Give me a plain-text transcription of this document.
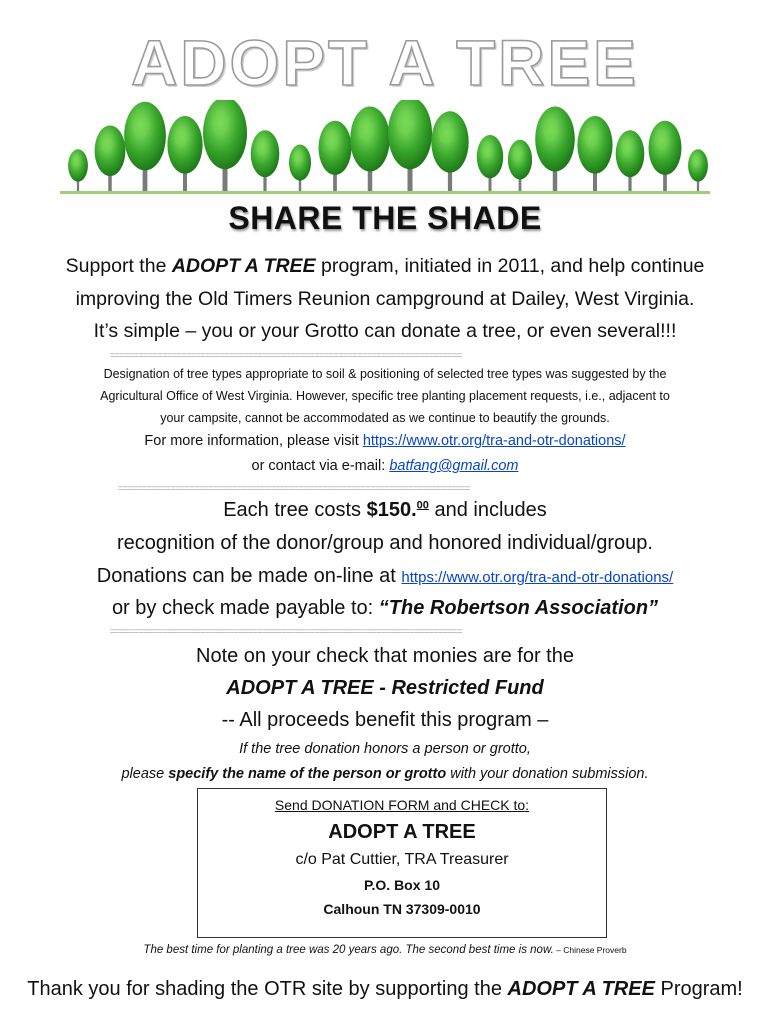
ADOPT A TREE
SHARE THE SHADE
Support the ADOPT A TREE program, initiated in 2011, and help continue
improving the Old Timers Reunion campground at Dailey, West Virginia.
It’s simple – you or your Grotto can donate a tree, or even several!!!
==========================================================================
Designation of tree types appropriate to soil & positioning of selected tree types was suggested by the
Agricultural Office of West Virginia. However, specific tree planting placement requests, i.e., adjacent to
your campsite, cannot be accommodated as we continue to beautify the grounds.
For more information, please visit https://www.otr.org/tra-and-otr-donations/
or contact via e-mail: batfang@gmail.com
==========================================================================
Each tree costs $150.00 and includes
recognition of the donor/group and honored individual/group.
Donations can be made on-line at https://www.otr.org/tra-and-otr-donations/
or by check made payable to: “The Robertson Association”
==========================================================================
Note on your check that monies are for the
ADOPT A TREE - Restricted Fund
-- All proceeds benefit this program –
If the tree donation honors a person or grotto,
please specify the name of the person or grotto with your donation submission.
Send DONATION FORM and CHECK to:
ADOPT A TREE
c/o Pat Cuttier, TRA Treasurer
P.O. Box 10
Calhoun TN 37309-0010
The best time for planting a tree was 20 years ago. The second best time is now. – Chinese Proverb
Thank you for shading the OTR site by supporting the ADOPT A TREE Program!
